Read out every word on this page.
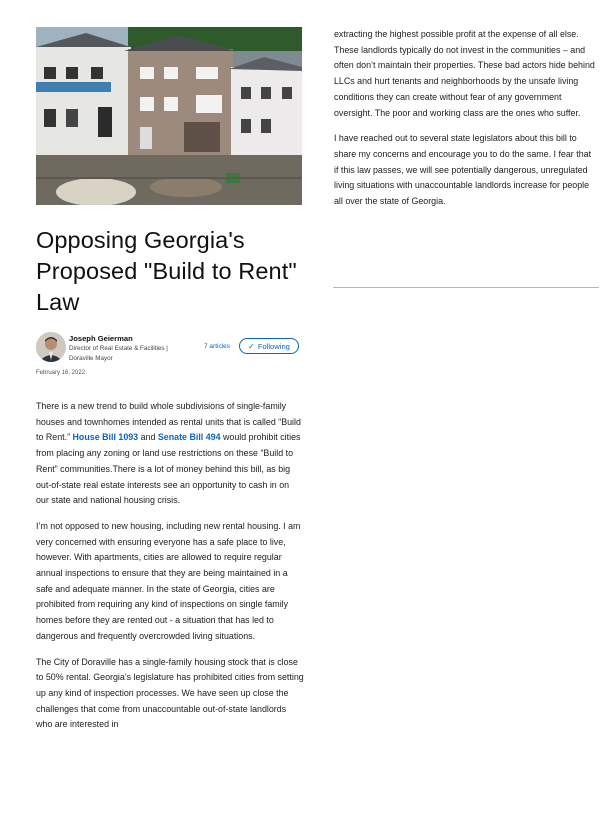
Opposing Georgia's Proposed "Build to Rent" Law
Joseph Geierman
Director of Real Estate & Facilities | Doraville Mayor
7 articles ✓ Following
February 16, 2022

There is a new trend to build whole subdivisions of single-family houses and townhomes intended as rental units that is called “Build to Rent.” House Bill 1093 and Senate Bill 494 would prohibit cities from placing any zoning or land use restrictions on these “Build to Rent” communities.There is a lot of money behind this bill, as big out-of-state real estate interests see an opportunity to cash in on our state and national housing crisis.

I’m not opposed to new housing, including new rental housing. I am very concerned with ensuring everyone has a safe place to live, however. With apartments, cities are allowed to require regular annual inspections to ensure that they are being maintained in a safe and adequate manner. In the state of Georgia, cities are prohibited from requiring any kind of inspections on single family homes before they are rented out - a situation that has led to dangerous and frequently overcrowded living situations.

The City of Doraville has a single-family housing stock that is close to 50% rental. Georgia’s legislature has prohibited cities from setting up any kind of inspection processes. We have seen up close the challenges that come from unaccountable out-of-state landlords who are interested in

extracting the highest possible profit at the expense of all else. These landlords typically do not invest in the communities – and often don’t maintain their properties. These bad actors hide behind LLCs and hurt tenants and neighborhoods by the unsafe living conditions they can create without fear of any government oversight. The poor and working class are the ones who suffer.

I have reached out to several state legislators about this bill to share my concerns and encourage you to do the same. I fear that if this law passes, we will see potentially dangerous, unregulated living situations with unaccountable landlords increase for people all over the state of Georgia.
